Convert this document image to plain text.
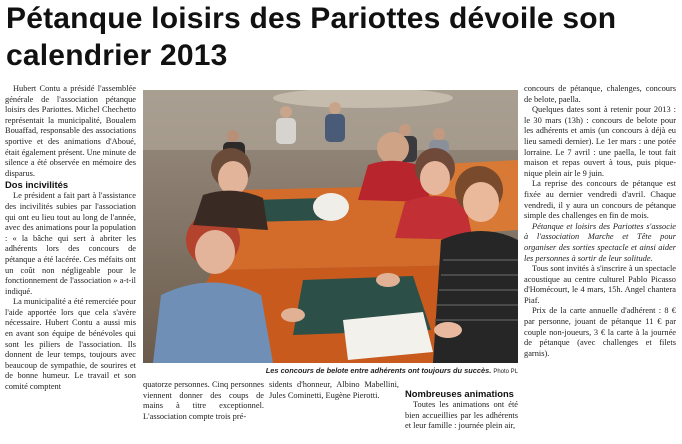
Pétanque loisirs des Pariottes dévoile son calendrier 2013

Hubert Contu a présidé l'assemblée générale de l'association pétanque loisirs des Pariottes. Michel Chechetto représentait la municipalité, Boualem Bouaffad, responsable des associations sportive et des animations d'Aboué, était également présent. Une minute de silence a été observée en mémoire des disparus.

Dos incivilités

Le président a fait part à l'assistance des incivilités subies par l'association qui ont eu lieu tout au long de l'année, avec des animations pour la population : « la bâche qui sert à abriter les adhérents lors des concours de pétanque a été lacérée. Ces méfaits ont un coût non négligeable pour le fonctionnement de l'association » a-t-il indiqué.

La municipalité a été remerciée pour l'aide apportée lors que cela s'avère nécessaire. Hubert Contu a aussi mis en avant son équipe de bénévoles qui sont les piliers de l'association. Ils donnent de leur temps, toujours avec beaucoup de sympathie, de sourires et de bonne humeur. Le travail et son comité comptent

Les concours de belote entre adhérents ont toujours du succès. Photo PL

quatorze personnes. Cinq personnes viennent donner des coups de mains à titre exceptionnel. L'association compte trois pré-

sidents d'honneur, Albino Mabellini, Jules Cominetti, Eugène Pierotti.	Nombreuses animations

Toutes les animations ont été bien accueillies par les adhérents et leur famille : journée plein air,

concours de pétanque, chalenges, concours de belote, paella.

Quelques dates sont à retenir pour 2013 : le 30 mars (13h) : concours de belote pour les adhérents et amis (un concours à déjà eu lieu samedi dernier). Le 1er mars : une potée lorraine. Le 7 avril : une paella, le tout fait maison et repas ouvert à tous, puis pique-nique plein air le 9 juin.

La reprise des concours de pétanque est fixée au dernier vendredi d'avril. Chaque vendredi, il y aura un concours de pétanque simple des challenges en fin de mois.

Pétanque et loisirs des Pariottes s'associe à l'association Marche et Tête pour organiser des sorties spectacle et ainsi aider les personnes à sortir de leur solitude.

Tous sont invités à s'inscrire à un spectacle acoustique au centre culturel Pablo Picasso d'Homécourt, le 4 mars, 15h. Angel chantera Piaf.

Prix de la carte annuelle d'adhérent : 8 € par personne, jouant de pétanque 11 € par couple non-joueurs, 3 € la carte à la journée de pétanque (avec challenges et filets garnis).
